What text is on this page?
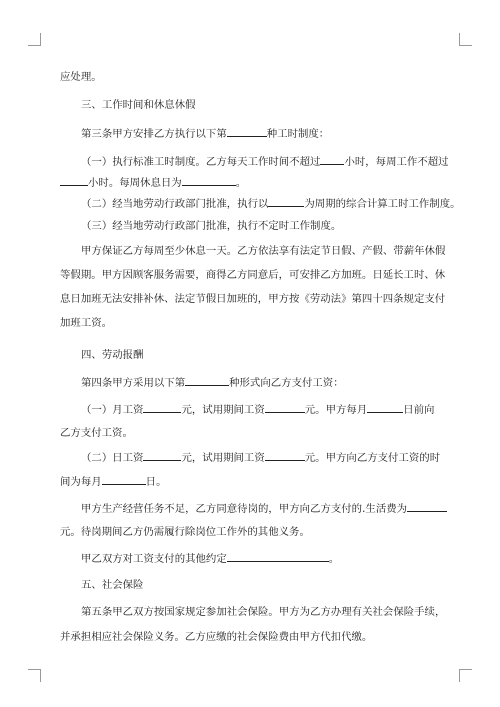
应处理。
三、工作时间和休息休假
第三条甲方安排乙方执行以下第	种工时制度：
（一）执行标准工时制度。乙方每天工作时间不超过 小时，每周工作不超过
小时。每周休息日为	。
（二）经当地劳动行政部门批准，执行以	为周期的综合计算工时工作制度。
（三）经当地劳动行政部门批准，执行不定时工作制度。
甲方保证乙方每周至少休息一天。乙方依法享有法定节日假、产假、带薪年休假
等假期。甲方因顾客服务需要，商得乙方同意后，可安排乙方加班。日延长工时、休
息日加班无法安排补休、法定节假日加班的，甲方按《劳动法》第四十四条规定支付
加班工资。
四、劳动报酬
第四条甲方采用以下第	种形式向乙方支付工资：
（一）月工资	元，试用期间工资	元。甲方每月	日前向
乙方支付工资。
（二）日工资	元，试用期间工资	元。甲方向乙方支付工资的时
间为每月	日。
甲方生产经营任务不足，乙方同意待岗的，甲方向乙方支付的.生活费为
元。待岗期间乙方仍需履行除岗位工作外的其他义务。
甲乙双方对工资支付的其他约定	。
五、社会保险
第五条甲乙双方按国家规定参加社会保险。甲方为乙方办理有关社会保险手续，
并承担相应社会保险义务。乙方应缴的社会保险费由甲方代扣代缴。
